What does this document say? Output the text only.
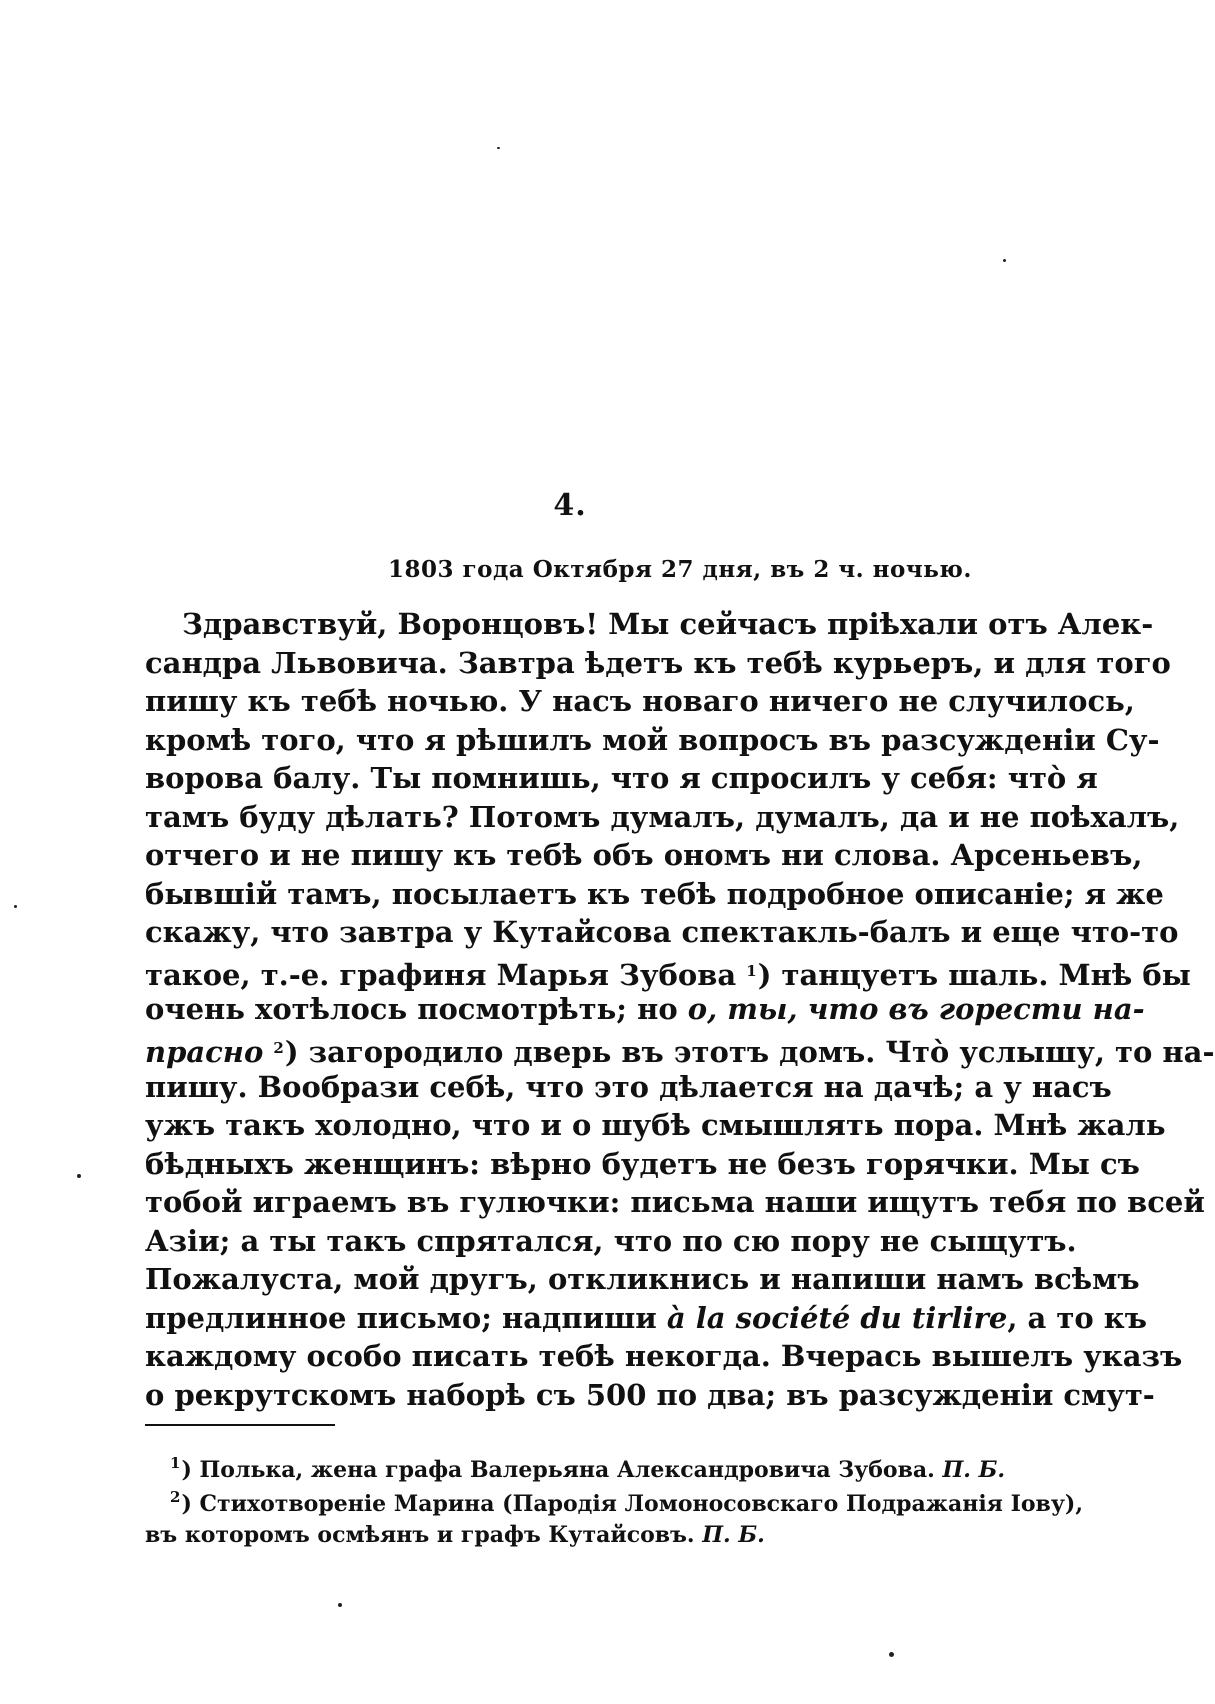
4.
1803 года Октября 27 дня, въ 2 ч. ночью.
Здравствуй, Воронцовъ! Мы сейчасъ пріѣхали отъ Алек-
сандра Львовича. Завтра ѣдетъ къ тебѣ курьеръ, и для того
пишу къ тебѣ ночью. У насъ новаго ничего не случилось,
кромѣ того, что я рѣшилъ мой вопросъ въ разсужденіи Су-
ворова балу. Ты помнишь, что я спросилъ у себя: что̀ я
тамъ буду дѣлать? Потомъ думалъ, думалъ, да и не поѣхалъ,
отчего и не пишу къ тебѣ объ ономъ ни слова. Арсеньевъ,
бывшій тамъ, посылаетъ къ тебѣ подробное описаніе; я же
скажу, что завтра у Кутайсова спектакль-балъ и еще что-то
такое, т.-е. графиня Марья Зубова $^1$) танцуетъ шаль. Мнѣ бы
очень хотѣлось посмотрѣть; но о, ты, что въ горести на-
прасно $^2$) загородило дверь въ этотъ домъ. Что̀ услышу, то на-
пишу. Вообрази себѣ, что это дѣлается на дачѣ; а у насъ
ужъ такъ холодно, что и о шубѣ смышлять пора. Мнѣ жаль
бѣдныхъ женщинъ: вѣрно будетъ не безъ горячки. Мы съ
тобой играемъ въ гулючки: письма наши ищутъ тебя по всей
Азіи; а ты такъ спрятался, что по сю пору не сыщутъ.
Пожалуста, мой другъ, откликнись и напиши намъ всѣмъ
предлинное письмо; надпиши à la société du tirlire, а то къ
каждому особо писать тебѣ некогда. Вчерась вышелъ указъ
о рекрутскомъ наборѣ съ 500 по два; въ разсужденіи смут-
$^1$) Полька, жена графа Валерьяна Александровича Зубова. П. Б.
$^2$) Стихотвореніе Марина (Пародія Ломоносовскаго Подражанія Іову),
въ которомъ осмѣянъ и графъ Кутайсовъ. П. Б.
